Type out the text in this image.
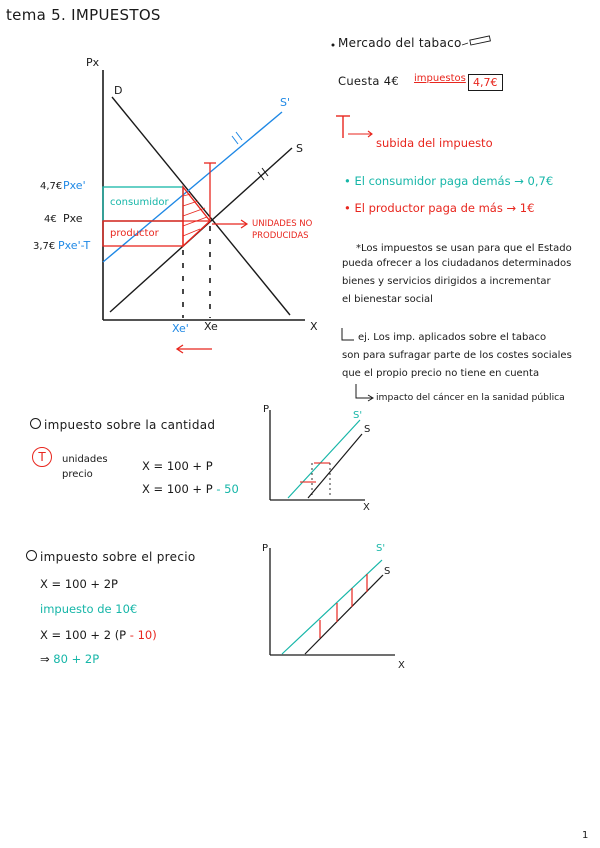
tema 5. IMPUESTOS
Px
X
D
S
S'
4,7€ Pxe'
4€ Pxe
3,7€ Pxe'-T
consumidor
productor
UNIDADES NO PRODUCIDAS
Xe' Xe
Mercado del tabaco
Cuesta 4€ impuestos 4,7€
subida del impuesto
• El consumidor paga demás → 0,7€
• El productor paga de más → 1€
*Los impuestos se usan para que el Estado
pueda ofrecer a los ciudadanos determinados
bienes y servicios dirigidos a incrementar
el bienestar social
ej. Los imp. aplicados sobre el tabaco
son para sufragar parte de los costes sociales
que el propio precio no tiene en cuenta
impacto del cáncer en la sanidad pública
impuesto sobre la cantidad
T	unidades
precio
X = 100 + P
X = 100 + P - 50
P
S'
S
X
impuesto sobre el precio
X = 100 + 2P
impuesto de 10€
X = 100 + 2 (P - 10)
⇒ 80 + 2P
P	S'
S
X
1
